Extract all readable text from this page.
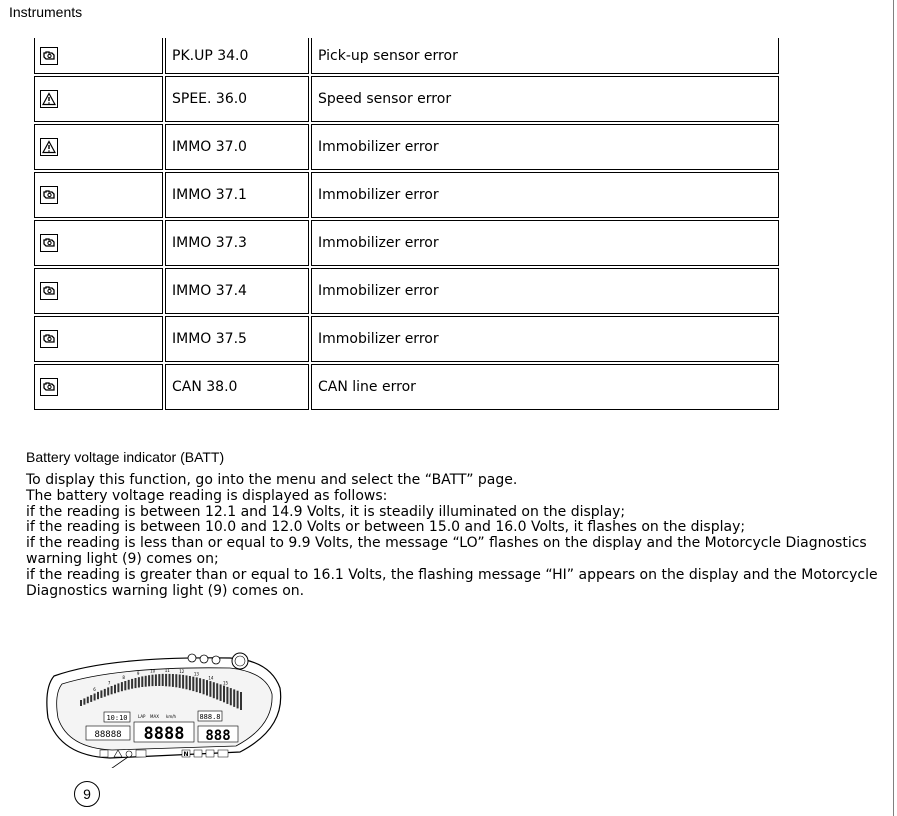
Instruments
	PK.UP 34.0	Pick-up sensor error

	SPEE. 36.0	Speed sensor error

	IMMO 37.0	Immobilizer error

	IMMO 37.1	Immobilizer error

	IMMO 37.3	Immobilizer error

	IMMO 37.4	Immobilizer error

	IMMO 37.5	Immobilizer error

	CAN 38.0	CAN line error
Battery voltage indicator (BATT)

To display this function, go into the menu and select the “BATT” page.

The battery voltage reading is displayed as follows:

if the reading is between 12.1 and 14.9 Volts, it is steadily illuminated on the display;

if the reading is between 10.0 and 12.0 Volts or between 15.0 and 16.0 Volts, it flashes on the display;

if the reading is less than or equal to 9.9 Volts, the message “LO” flashes on the display and the Motorcycle Diagnostics warning light (9) comes on;

if the reading is greater than or equal to 16.1 Volts, the flashing message “HI” appears on the display and the Motorcycle Diagnostics warning light (9) comes on.

6
7
8
9	10 11 12
13
14
15
10:10	LAP MAX km/h	888.8
88888 8888 888
N
9
